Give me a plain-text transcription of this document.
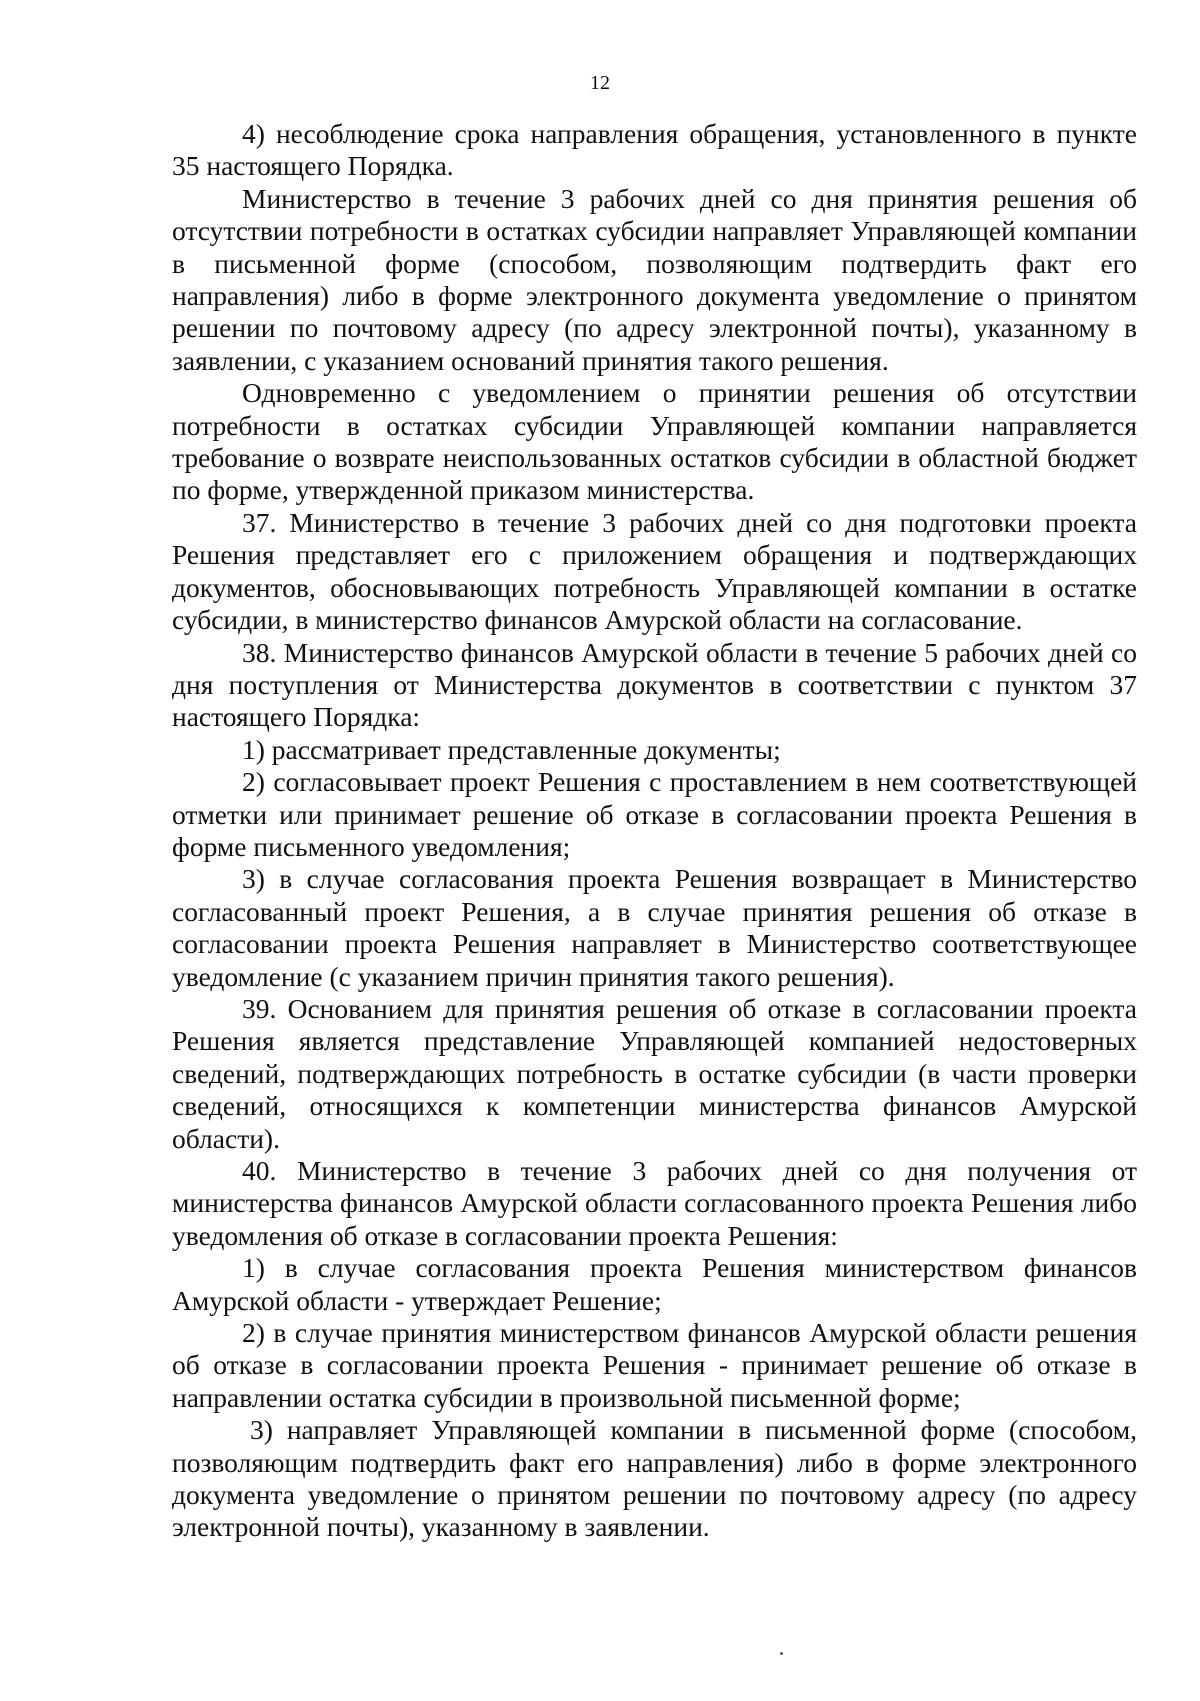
12

4) несоблюдение срока направления обращения, установленного в пункте 35 настоящего Порядка.

Министерство в течение 3 рабочих дней со дня принятия решения об отсутствии потребности в остатках субсидии направляет Управляющей компании в письменной форме (способом, позволяющим подтвердить факт его направления) либо в форме электронного документа уведомление о принятом решении по почтовому адресу (по адресу электронной почты), указанному в заявлении, с указанием оснований принятия такого решения.

Одновременно с уведомлением о принятии решения об отсутствии потребности в остатках субсидии Управляющей компании направляется требование о возврате неиспользованных остатков субсидии в областной бюджет по форме, утвержденной приказом министерства.

37. Министерство в течение 3 рабочих дней со дня подготовки проекта Решения представляет его с приложением обращения и подтверждающих документов, обосновывающих потребность Управляющей компании в остатке субсидии, в министерство финансов Амурской области на согласование.

38. Министерство финансов Амурской области в течение 5 рабочих дней со дня поступления от Министерства документов в соответствии с пунктом 37 настоящего Порядка:

1) рассматривает представленные документы;

2) согласовывает проект Решения с проставлением в нем соответствующей отметки или принимает решение об отказе в согласовании проекта Решения в форме письменного уведомления;

3) в случае согласования проекта Решения возвращает в Министерство согласованный проект Решения, а в случае принятия решения об отказе в согласовании проекта Решения направляет в Министерство соответствующее уведомление (с указанием причин принятия такого решения).

39. Основанием для принятия решения об отказе в согласовании проекта Решения является представление Управляющей компанией недостоверных сведений, подтверждающих потребность в остатке субсидии (в части проверки сведений, относящихся к компетенции министерства финансов Амурской области).

40. Министерство в течение 3 рабочих дней со дня получения от министерства финансов Амурской области согласованного проекта Решения либо уведомления об отказе в согласовании проекта Решения:

1) в случае согласования проекта Решения министерством финансов Амурской области - утверждает Решение;

2) в случае принятия министерством финансов Амурской области решения об отказе в согласовании проекта Решения - принимает решение об отказе в направлении остатка субсидии в произвольной письменной форме;

3) направляет Управляющей компании в письменной форме (способом, позволяющим подтвердить факт его направления) либо в форме электронного документа уведомление о принятом решении по почтовому адресу (по адресу электронной почты), указанному в заявлении.
